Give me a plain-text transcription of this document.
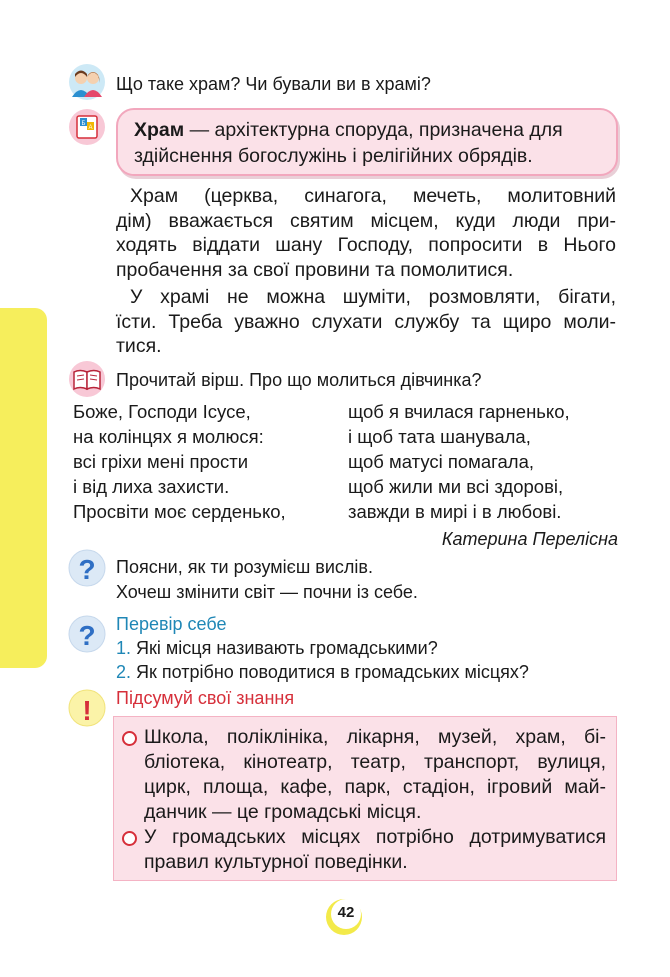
Що таке храм? Чи бували ви в храмі?
Б
А Храм — архітектурна споруда, призначена для
здійснення богослужінь і релігійних обрядів.
Храм (церква, синагога, мечеть, молитовний
дім) вважається святим місцем, куди люди при-
ходять віддати шану Господу, попросити в Нього
пробачення за свої провини та помолитися.
У храмі не можна шуміти, розмовляти, бігати,
їсти. Треба уважно слухати службу та щиро моли-
тися.
Прочитай вірш. Про що молиться дівчинка?
Боже, Господи Ісусе,
на колінцях я молюся:
всі гріхи мені прости
і від лиха захисти.
Просвіти моє серденько,
щоб я вчилася гарненько,
і щоб тата шанувала,
щоб матусі помагала,
щоб жили ми всі здорові,
завжди в мирі і в любові.
Катерина Перелісна
? Поясни, як ти розумієш вислів.
Хочеш змінити світ — почни із себе.
? Перевір себе
1. Які місця називають громадськими?
2. Як потрібно поводитися в громадських місцях?
! Підсумуй свої знання
Школа, поліклініка, лікарня, музей, храм, бі-
бліотека, кінотеатр, театр, транспорт, вулиця,
цирк, площа, кафе, парк, стадіон, ігровий май-
данчик — це громадські місця.
У громадських місцях потрібно дотримуватися
правил культурної поведінки.
42
